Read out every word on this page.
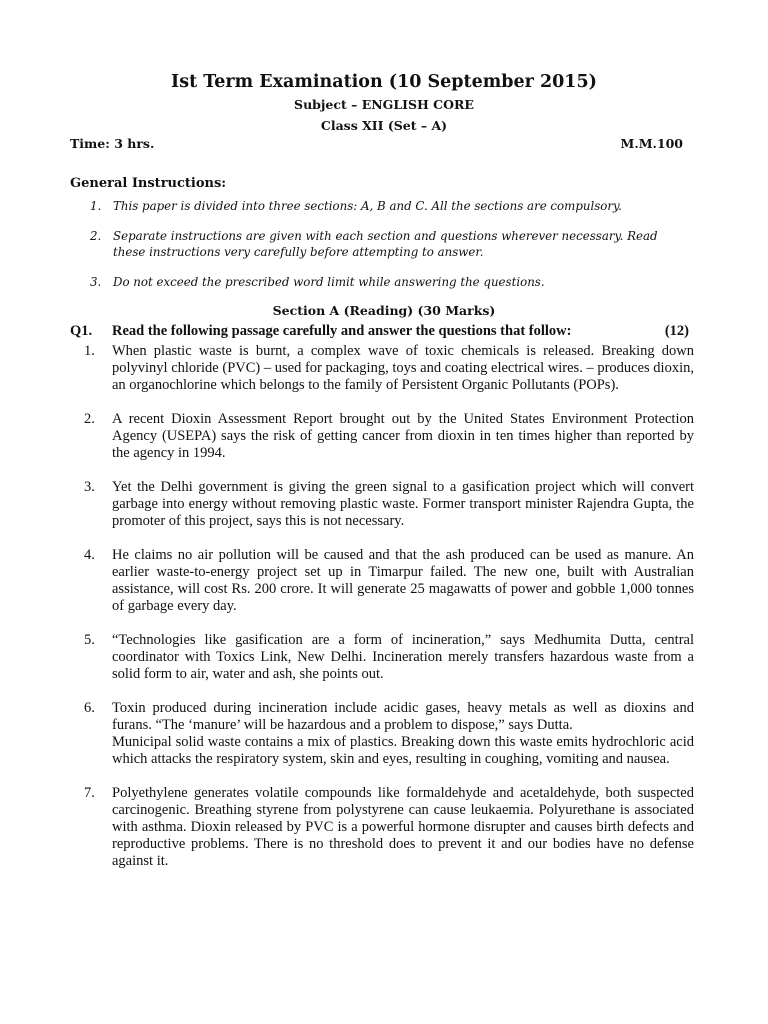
Ist Term Examination (10 September 2015)
Subject – ENGLISH CORE
Class XII (Set – A)
Time: 3 hrs.	M.M.100
General Instructions:
1. This paper is divided into three sections: A, B and C. All the sections are compulsory.
2. Separate instructions are given with each section and questions wherever necessary. Read these instructions very carefully before attempting to answer.
3. Do not exceed the prescribed word limit while answering the questions.
Section A (Reading) (30 Marks)
Q1.	Read the following passage carefully and answer the questions that follow:	(12)
1.	When plastic waste is burnt, a complex wave of toxic chemicals is released. Breaking down polyvinyl chloride (PVC) – used for packaging, toys and coating electrical wires. – produces dioxin, an organochlorine which belongs to the family of Persistent Organic Pollutants (POPs).
2.	A recent Dioxin Assessment Report brought out by the United States Environment Protection Agency (USEPA) says the risk of getting cancer from dioxin in ten times higher than reported by the agency in 1994.
3.	Yet the Delhi government is giving the green signal to a gasification project which will convert garbage into energy without removing plastic waste. Former transport minister Rajendra Gupta, the promoter of this project, says this is not necessary.
4.	He claims no air pollution will be caused and that the ash produced can be used as manure. An earlier waste-to-energy project set up in Timarpur failed. The new one, built with Australian assistance, will cost Rs. 200 crore. It will generate 25 magawatts of power and gobble 1,000 tonnes of garbage every day.
5.	“Technologies like gasification are a form of incineration,” says Medhumita Dutta, central coordinator with Toxics Link, New Delhi. Incineration merely transfers hazardous waste from a solid form to air, water and ash, she points out.
6.	Toxin produced during incineration include acidic gases, heavy metals as well as dioxins and furans. “The ‘manure’ will be hazardous and a problem to dispose,” says Dutta.
Municipal solid waste contains a mix of plastics. Breaking down this waste emits hydrochloric acid which attacks the respiratory system, skin and eyes, resulting in coughing, vomiting and nausea.
7.	Polyethylene generates volatile compounds like formaldehyde and acetaldehyde, both suspected carcinogenic. Breathing styrene from polystyrene can cause leukaemia. Polyurethane is associated with asthma. Dioxin released by PVC is a powerful hormone disrupter and causes birth defects and reproductive problems. There is no threshold does to prevent it and our bodies have no defense against it.
